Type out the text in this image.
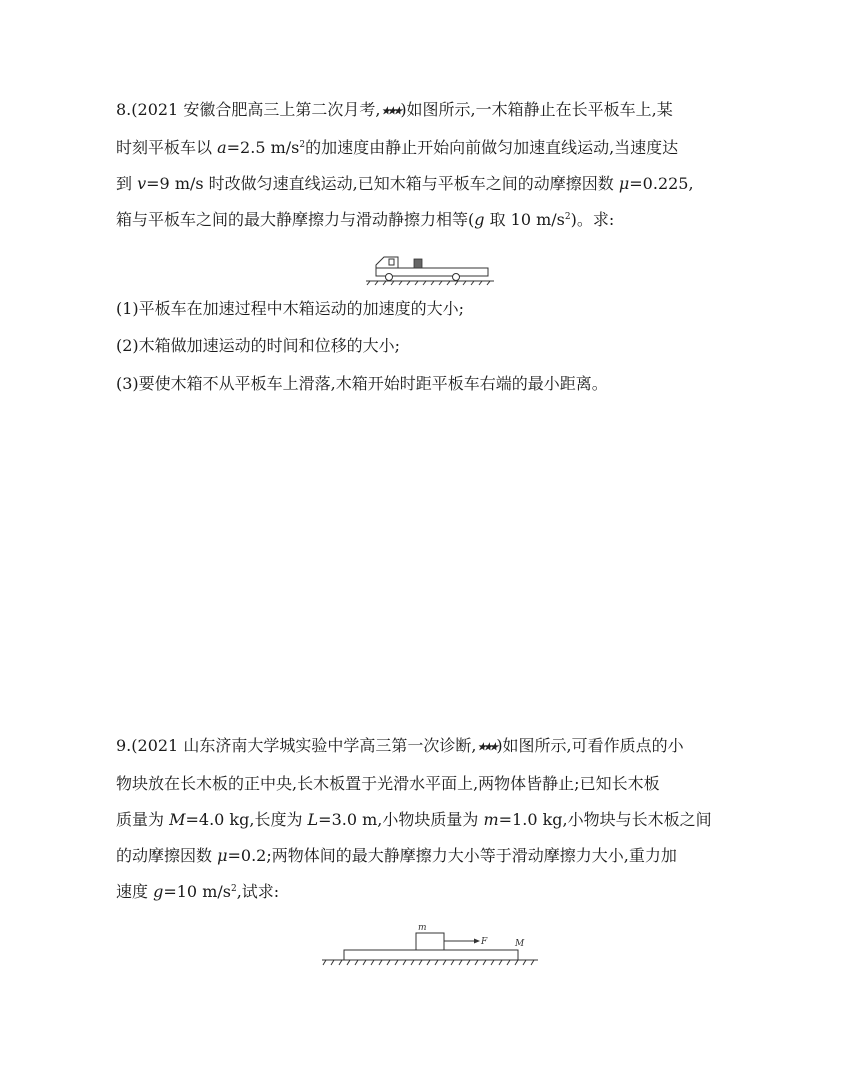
8.(2021 安徽合肥高三上第二次月考,★★★)如图所示,一木箱静止在长平板车上,某

时刻平板车以 a=2.5 $m/s^2$的加速度由静止开始向前做匀加速直线运动,当速度达

到 v=9 m/s 时改做匀速直线运动,已知木箱与平板车之间的动摩擦因数 μ=0.225,

箱与平板车之间的最大静摩擦力与滑动静擦力相等(g 取 10 $m/s^2$)。求:

(1)平板车在加速过程中木箱运动的加速度的大小;
(2)木箱做加速运动的时间和位移的大小;
(3)要使木箱不从平板车上滑落,木箱开始时距平板车右端的最小距离。

9.(2021 山东济南大学城实验中学高三第一次诊断,★★★)如图所示,可看作质点的小

物块放在长木板的正中央,长木板置于光滑水平面上,两物体皆静止;已知长木板

质量为 M=4.0 kg,长度为 L=3.0 m,小物块质量为 m=1.0 kg,小物块与长木板之间

的动摩擦因数 μ=0.2;两物体间的最大静摩擦力大小等于滑动摩擦力大小,重力加

速度 g=10 $m/s^2$,试求:

m
F	M
